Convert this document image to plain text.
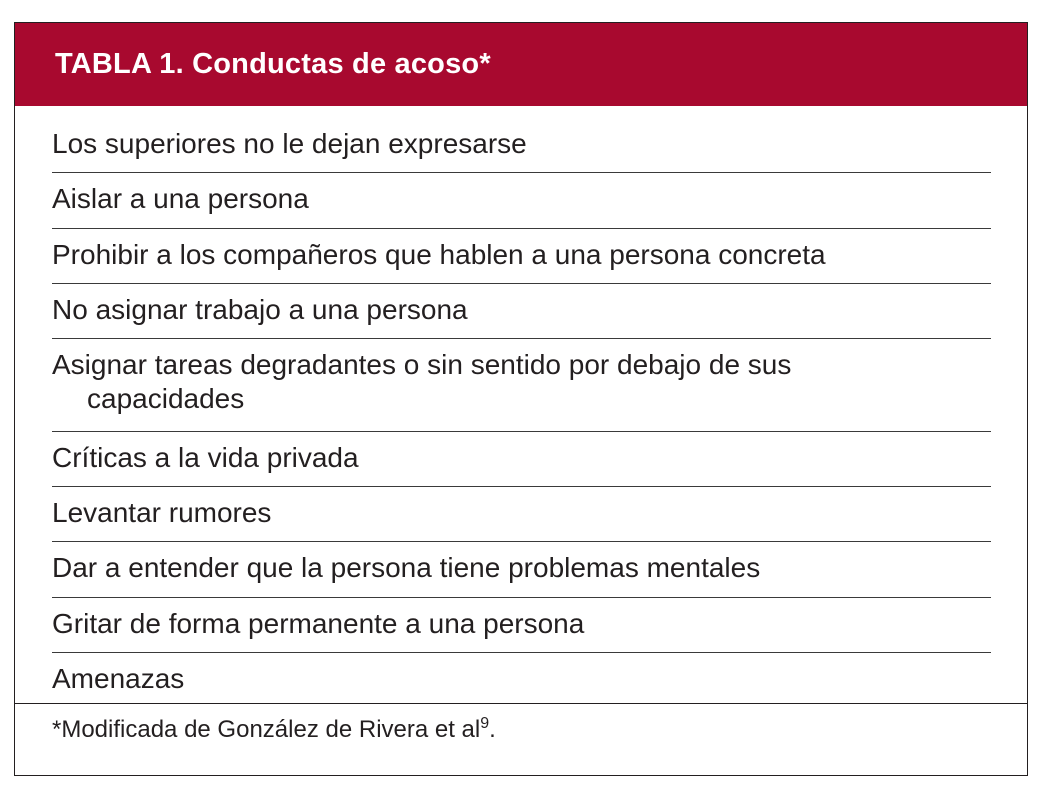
TABLA 1. Conductas de acoso*
Los superiores no le dejan expresarse
Aislar a una persona
Prohibir a los compañeros que hablen a una persona concreta
No asignar trabajo a una persona
Asignar tareas degradantes o sin sentido por debajo de sus
capacidades
Críticas a la vida privada
Levantar rumores
Dar a entender que la persona tiene problemas mentales
Gritar de forma permanente a una persona
Amenazas
*Modificada de González de Rivera et $al^9$.
